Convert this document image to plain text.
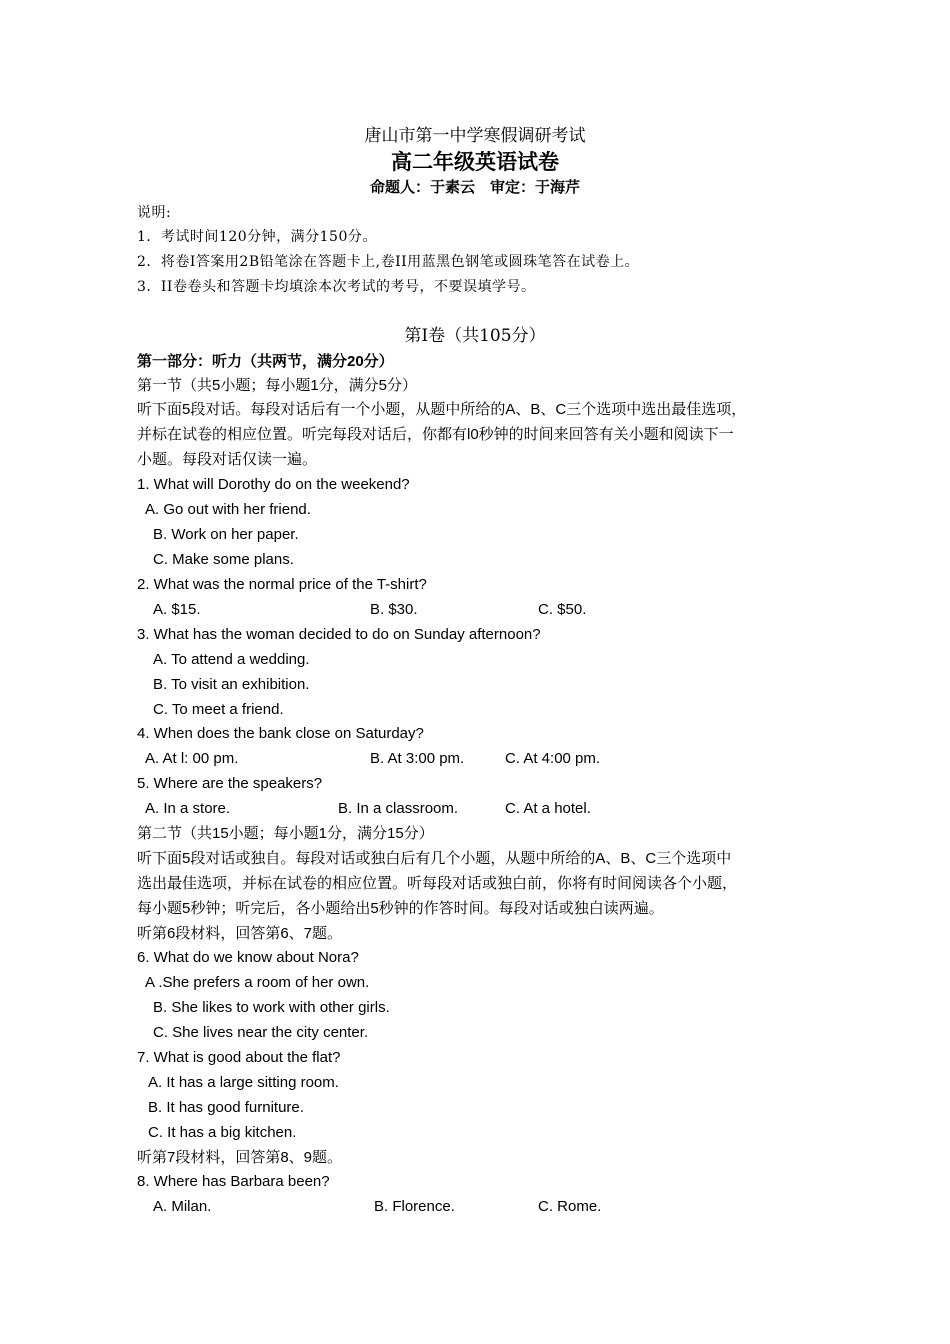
唐山市第一中学寒假调研考试
高二年级英语试卷
命题人：于素云　审定：于海芹
说明:
1．考试时间120分钟，满分150分。
2．将卷Ⅰ答案用2B铅笔涂在答题卡上,卷II用蓝黑色钢笔或圆珠笔答在试卷上。
3．II卷卷头和答题卡均填涂本次考试的考号，不要误填学号。
第Ⅰ卷（共105分）
第一部分：听力（共两节，满分20分）
第一节（共5小题；每小题1分，满分5分）
听下面5段对话。每段对话后有一个小题，从题中所给的A、B、C三个选项中选出最佳选项，
并标在试卷的相应位置。听完每段对话后，你都有l0秒钟的时间来回答有关小题和阅读下一
小题。每段对话仅读一遍。
1. What will Dorothy do on the weekend?
A. Go out with her friend.
B. Work on her paper.
C. Make some plans.
2. What was the normal price of the T-shirt?
A. $15.	B. $30.	C. $50.
3. What has the woman decided to do on Sunday afternoon?
A. To attend a wedding.
B. To visit an exhibition.
C. To meet a friend.
4. When does the bank close on Saturday?
A. At l: 00 pm.	B. At 3:00 pm.	C. At 4:00 pm.
5. Where are the speakers?
A. In a store.	B. In a classroom.	C. At a hotel.
第二节（共15小题；每小题1分，满分15分）
听下面5段对话或独自。每段对话或独白后有几个小题，从题中所给的A、B、C三个选项中
选出最佳选项，并标在试卷的相应位置。听每段对话或独白前，你将有时间阅读各个小题，
每小题5秒钟；听完后，各小题给出5秒钟的作答时间。每段对话或独白读两遍。
听第6段材料，回答第6、7题。
6. What do we know about Nora?
A .She prefers a room of her own.
B. She likes to work with other girls.
C. She lives near the city center.
7. What is good about the flat?
A. It has a large sitting room.
B. It has good furniture.
C. It has a big kitchen.
听第7段材料，回答第8、9题。
8. Where has Barbara been?
A. Milan.	B. Florence.	C. Rome.
